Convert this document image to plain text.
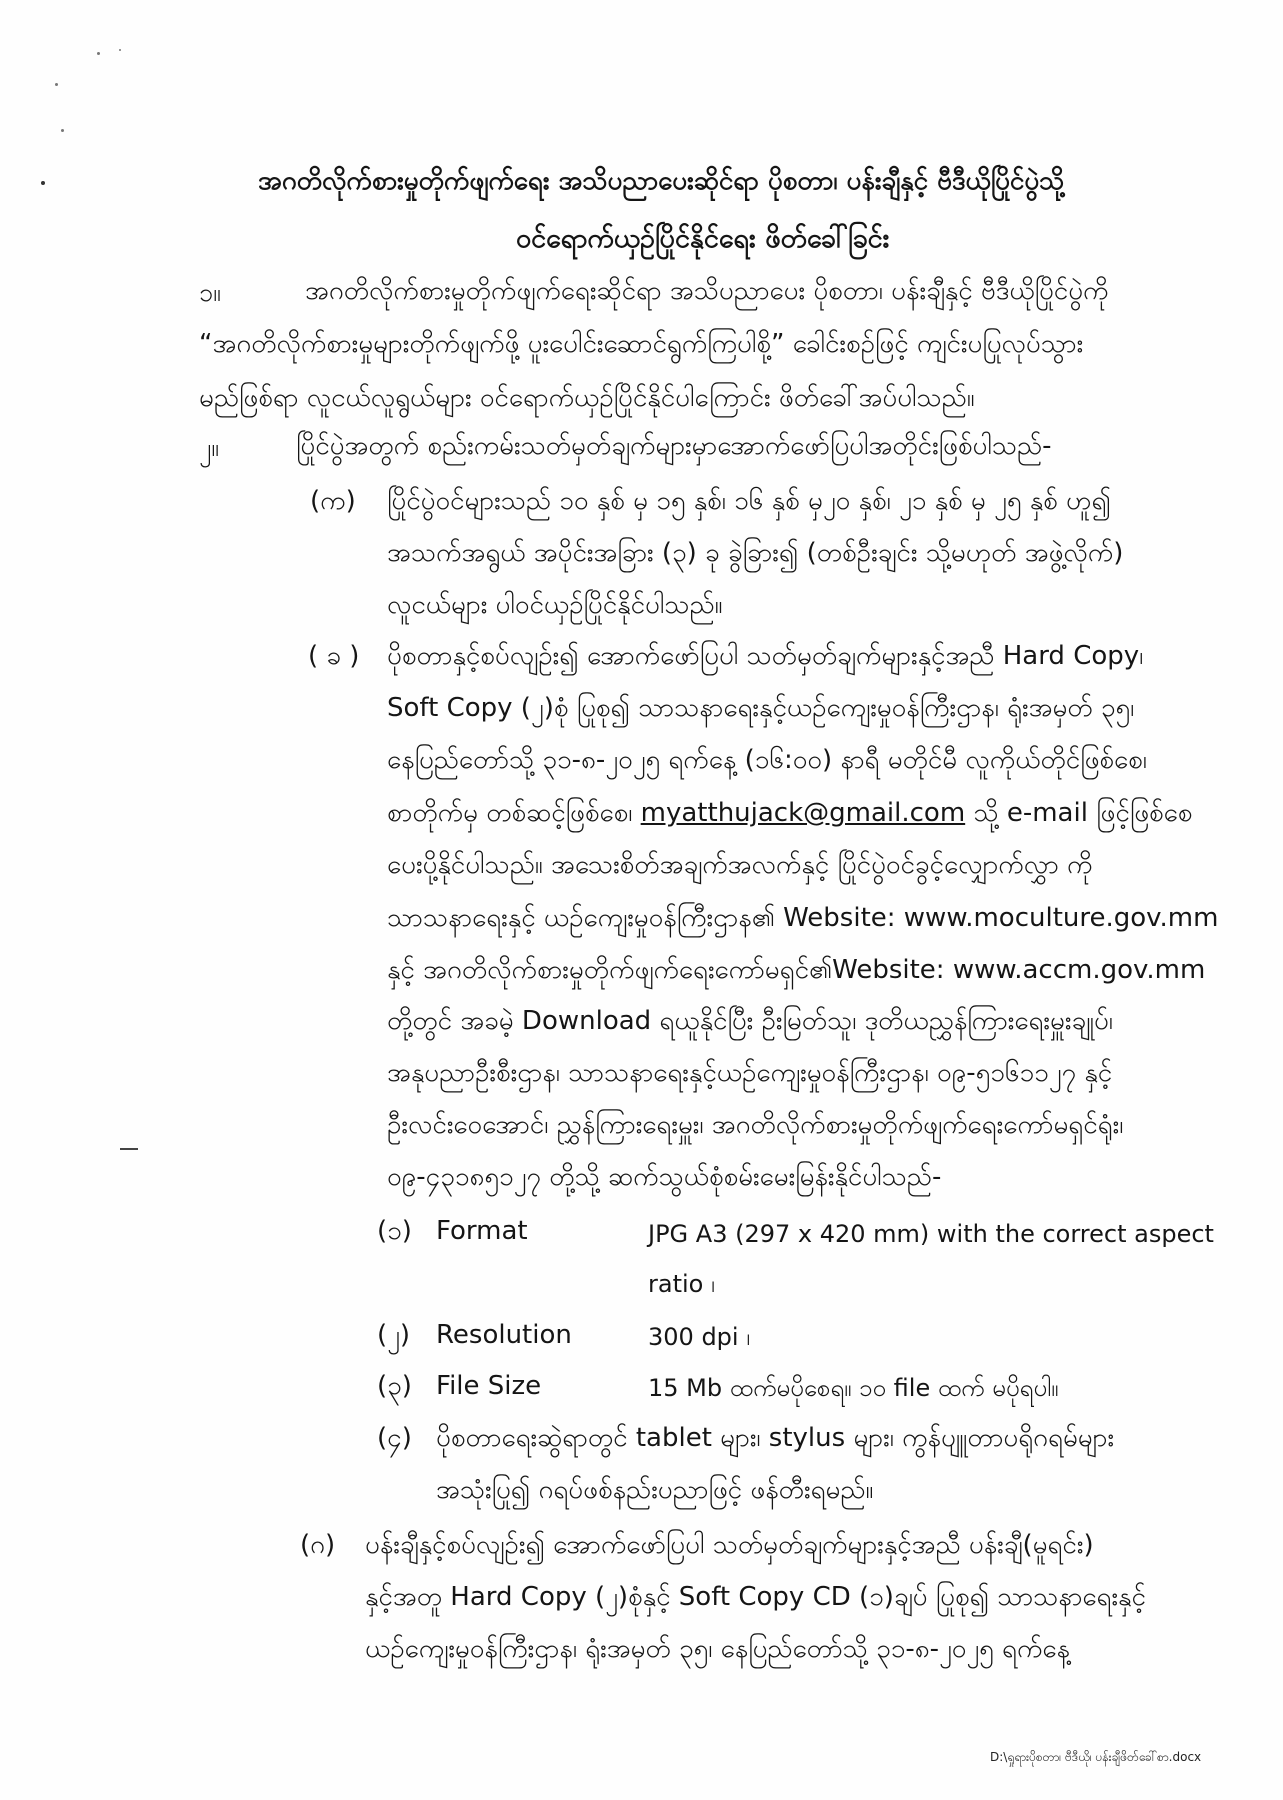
အဂတိလိုက်စားမှုတိုက်ဖျက်ရေး အသိပညာပေးဆိုင်ရာ ပိုစတာ၊ ပန်းချီနှင့် ဗီဒီယိုပြိုင်ပွဲသို့
ဝင်ရောက်ယှဉ်ပြိုင်နိုင်ရေး ဖိတ်ခေါ်ခြင်း
၁။	အဂတိလိုက်စားမှုတိုက်ဖျက်ရေးဆိုင်ရာ အသိပညာပေး ပိုစတာ၊ ပန်းချီနှင့် ဗီဒီယိုပြိုင်ပွဲကို
“အဂတိလိုက်စားမှုများတိုက်ဖျက်ဖို့ ပူးပေါင်းဆောင်ရွက်ကြပါစို့” ခေါင်းစဉ်ဖြင့် ကျင်းပပြုလုပ်သွား
မည်ဖြစ်ရာ လူငယ်လူရွယ်များ ဝင်ရောက်ယှဉ်ပြိုင်နိုင်ပါကြောင်း ဖိတ်ခေါ်အပ်ပါသည်။
၂။	ပြိုင်ပွဲအတွက် စည်းကမ်းသတ်မှတ်ချက်များမှာအောက်ဖော်ပြပါအတိုင်းဖြစ်ပါသည်-
(က) ပြိုင်ပွဲဝင်များသည် ၁၀ နှစ် မှ ၁၅ နှစ်၊ ၁၆ နှစ် မှ၂၀ နှစ်၊ ၂၁ နှစ် မှ ၂၅ နှစ် ဟူ၍
အသက်အရွယ် အပိုင်းအခြား (၃) ခု ခွဲခြား၍ (တစ်ဦးချင်း သို့မဟုတ် အဖွဲ့လိုက်)
လူငယ်များ ပါဝင်ယှဉ်ပြိုင်နိုင်ပါသည်။
( ခ ) ပိုစတာနှင့်စပ်လျဉ်း၍ အောက်ဖော်ပြပါ သတ်မှတ်ချက်များနှင့်အညီ Hard Copy၊
Soft Copy (၂)စုံ ပြုစု၍ သာသနာရေးနှင့်ယဉ်ကျေးမှုဝန်ကြီးဌာန၊ ရုံးအမှတ် ၃၅၊
နေပြည်တော်သို့ ၃၁-၈-၂၀၂၅ ရက်နေ့ (၁၆:၀၀) နာရီ မတိုင်မီ လူကိုယ်တိုင်ဖြစ်စေ၊
စာတိုက်မှ တစ်ဆင့်ဖြစ်စေ၊ myatthujack@gmail.com သို့ e-mail ဖြင့်ဖြစ်စေ
ပေးပို့နိုင်ပါသည်။ အသေးစိတ်အချက်အလက်နှင့် ပြိုင်ပွဲဝင်ခွင့်လျှောက်လွှာ ကို
သာသနာရေးနှင့် ယဉ်ကျေးမှုဝန်ကြီးဌာန၏ Website: www.moculture.gov.mm
နှင့် အဂတိလိုက်စားမှုတိုက်ဖျက်ရေးကော်မရှင်၏Website: www.accm.gov.mm
တို့တွင် အခမဲ့ Download ရယူနိုင်ပြီး ဦးမြတ်သူ၊ ဒုတိယညွှန်ကြားရေးမှူးချုပ်၊
အနုပညာဦးစီးဌာန၊ သာသနာရေးနှင့်ယဉ်ကျေးမှုဝန်ကြီးဌာန၊ ၀၉-၅၁၆၁၁၂၇ နှင့်
ဦးလင်းဝေအောင်၊ ညွှန်ကြားရေးမှူး၊ အဂတိလိုက်စားမှုတိုက်ဖျက်ရေးကော်မရှင်ရုံး၊
၀၉-၄၃၁၈၅၁၂၇ တို့သို့ ဆက်သွယ်စုံစမ်းမေးမြန်းနိုင်ပါသည်-
(၁) Format	JPG A3 (297 x 420 mm) with the correct aspect
ratio ၊
(၂) Resolution	300 dpi ၊
(၃) File Size	15 Mb ထက်မပိုစေရ။ ၁၀ file ထက် မပိုရပါ။
(၄) ပိုစတာရေးဆွဲရာတွင် tablet များ၊ stylus များ၊ ကွန်ပျူတာပရိုဂရမ်များ
အသုံးပြု၍ ဂရပ်ဖစ်နည်းပညာဖြင့် ဖန်တီးရမည်။
(ဂ) ပန်းချီနှင့်စပ်လျဉ်း၍ အောက်ဖော်ပြပါ သတ်မှတ်ချက်များနှင့်အညီ ပန်းချီ(မူရင်း)
နှင့်အတူ Hard Copy (၂)စုံနှင့် Soft Copy CD (၁)ချပ် ပြုစု၍ သာသနာရေးနှင့်
ယဉ်ကျေးမှုဝန်ကြီးဌာန၊ ရုံးအမှတ် ၃၅၊ နေပြည်တော်သို့ ၃၁-၈-၂၀၂၅ ရက်နေ့
D:\ရှုရားပိုစတာ၊ ဗီဒီယို၊ ပန်းချီဖိတ်ခေါ်စာ.docx
